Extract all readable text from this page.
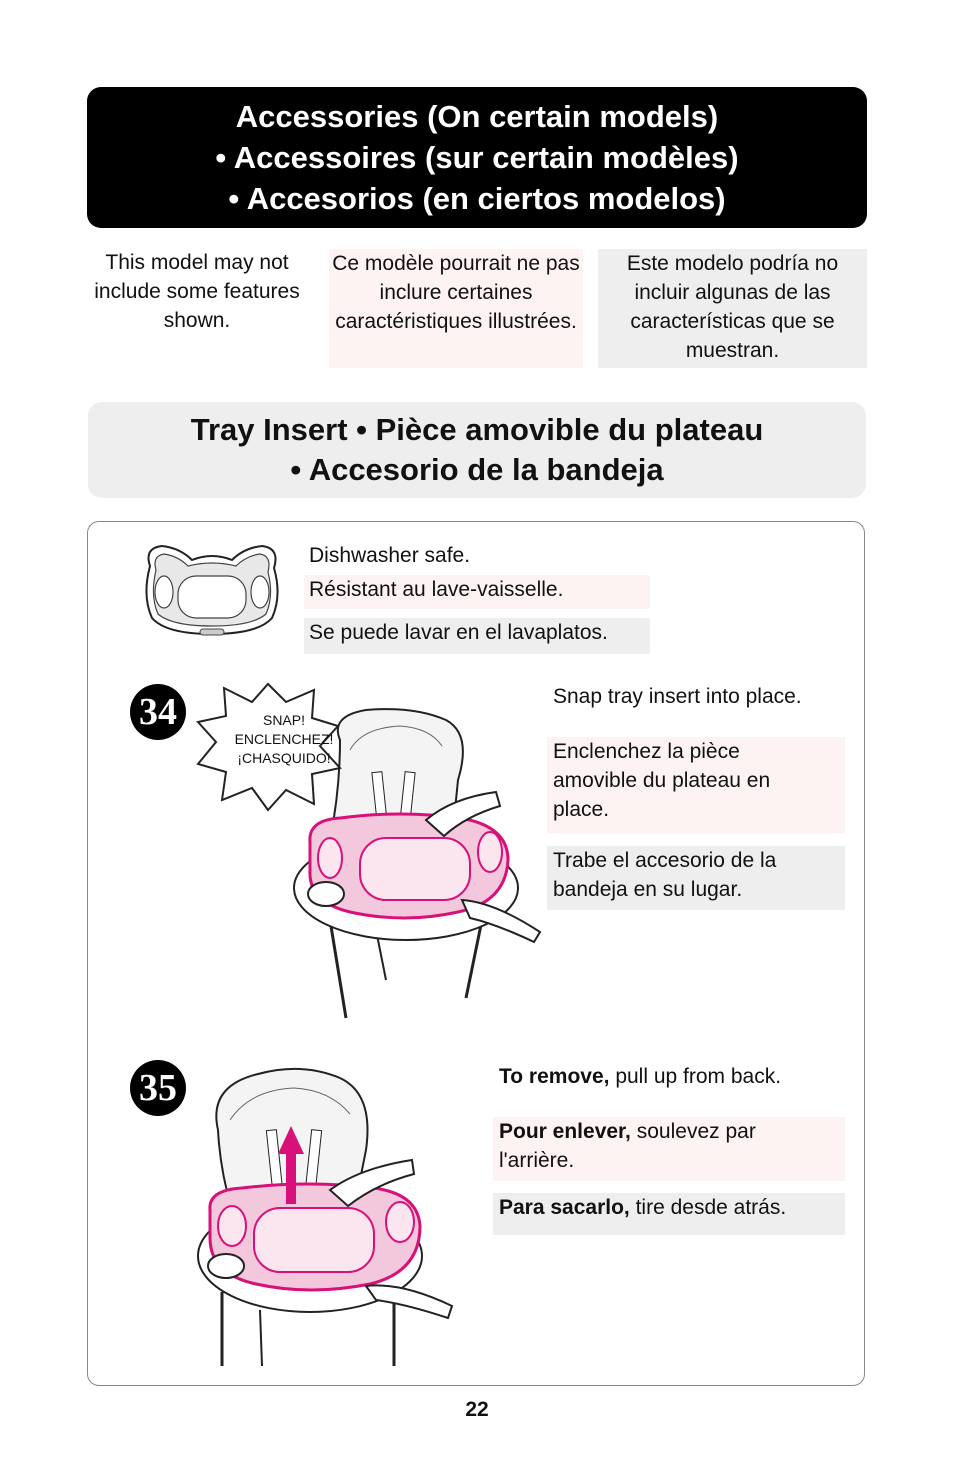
Accessories (On certain models)
• Accessoires (sur certain modèles)
• Accesorios (en ciertos modelos)
This model may not include some features shown.
Ce modèle pourrait ne pas inclure certaines caractéristiques illustrées.
Este modelo podría no incluir algunas de las características que se muestran.
Tray Insert • Pièce amovible du plateau
• Accesorio de la bandeja
Dishwasher safe.
Résistant au lave-vaisselle.
Se puede lavar en el lavaplatos.
34	SNAP!
ENCLENCHEZ!
¡CHASQUIDO!
Snap tray insert into place.
Enclenchez la pièce amovible du plateau en place.
Trabe el accesorio de la bandeja en su lugar.
35	To remove, pull up from back.
Pour enlever, soulevez par l'arrière.
Para sacarlo, tire desde atrás.
22
